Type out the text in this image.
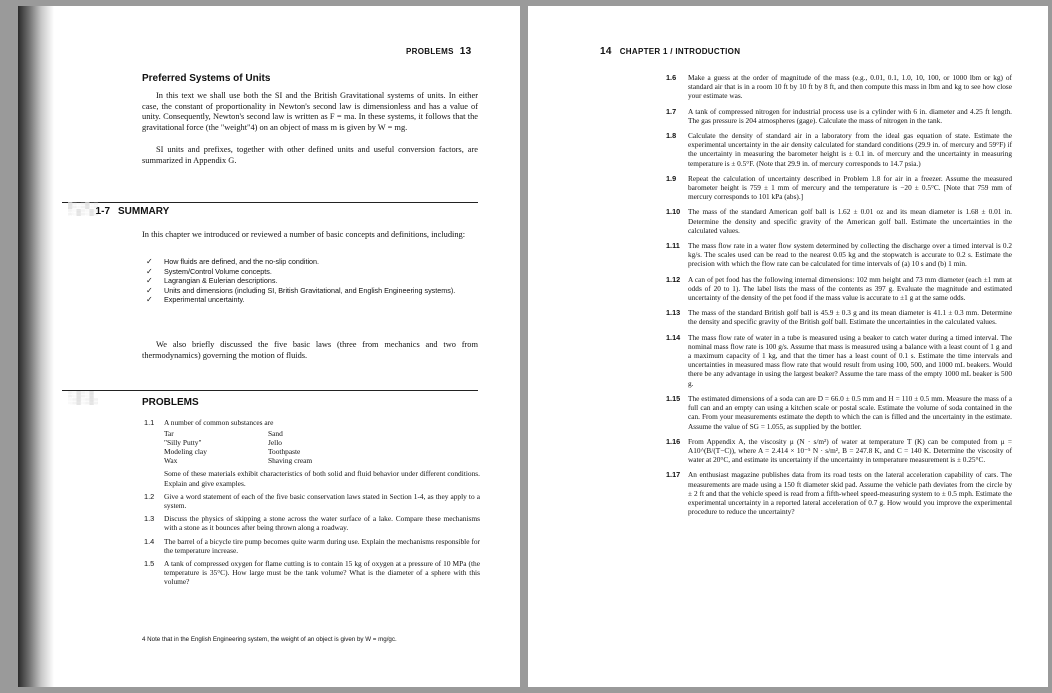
PROBLEMS 13
Preferred Systems of Units
In this text we shall use both the SI and the British Gravitational systems of units. In either case, the constant of proportionality in Newton's second law is dimensionless and has a value of unity. Consequently, Newton's second law is written as F = ma. In these systems, it follows that the gravitational force (the "weight"4) on an object of mass m is given by W = mg.
SI units and prefixes, together with other defined units and useful conversion factors, are summarized in Appendix G.
▓▒░▒▓░▒
▒░▓▒░▓▒
1-7 SUMMARY
In this chapter we introduced or reviewed a number of basic concepts and definitions, including:
✓	How fluids are defined, and the no-slip condition.
✓	System/Control Volume concepts.
✓	Lagrangian & Eulerian descriptions.
✓	Units and dimensions (including SI, British Gravitational, and English Engineering systems).
✓	Experimental uncertainty.
We also briefly discussed the five basic laws (three from mechanics and two from thermodynamics) governing the motion of fluids.
▒░▓▒░▓
░▒▓░▒▓▒	PROBLEMS
1.1	A number of common substances are
Tar	Sand
"Silly Putty"	Jello
Modeling clay	Toothpaste
Wax	Shaving cream
Some of these materials exhibit characteristics of both solid and fluid behavior under different conditions. Explain and give examples.
1.2	Give a word statement of each of the five basic conservation laws stated in Section 1-4, as they apply to a system.
1.3	Discuss the physics of skipping a stone across the water surface of a lake. Compare these mechanisms with a stone as it bounces after being thrown along a roadway.
1.4	The barrel of a bicycle tire pump becomes quite warm during use. Explain the mechanisms responsible for the temperature increase.
1.5	A tank of compressed oxygen for flame cutting is to contain 15 kg of oxygen at a pressure of 10 MPa (the temperature is 35°C). How large must be the tank volume? What is the diameter of a sphere with this volume?
4 Note that in the English Engineering system, the weight of an object is given by W = mg/gc.
14 CHAPTER 1 / INTRODUCTION
1.6	Make a guess at the order of magnitude of the mass (e.g., 0.01, 0.1, 1.0, 10, 100, or 1000 lbm or kg) of standard air that is in a room 10 ft by 10 ft by 8 ft, and then compute this mass in lbm and kg to see how close your estimate was.
1.7	A tank of compressed nitrogen for industrial process use is a cylinder with 6 in. diameter and 4.25 ft length. The gas pressure is 204 atmospheres (gage). Calculate the mass of nitrogen in the tank.
1.8	Calculate the density of standard air in a laboratory from the ideal gas equation of state. Estimate the experimental uncertainty in the air density calculated for standard conditions (29.9 in. of mercury and 59°F) if the uncertainty in measuring the barometer height is ± 0.1 in. of mercury and the uncertainty in measuring temperature is ± 0.5°F. (Note that 29.9 in. of mercury corresponds to 14.7 psia.)
1.9	Repeat the calculation of uncertainty described in Problem 1.8 for air in a freezer. Assume the measured barometer height is 759 ± 1 mm of mercury and the temperature is −20 ± 0.5°C. [Note that 759 mm of mercury corresponds to 101 kPa (abs).]
1.10	The mass of the standard American golf ball is 1.62 ± 0.01 oz and its mean diameter is 1.68 ± 0.01 in. Determine the density and specific gravity of the American golf ball. Estimate the uncertainties in the calculated values.
1.11	The mass flow rate in a water flow system determined by collecting the discharge over a timed interval is 0.2 kg/s. The scales used can be read to the nearest 0.05 kg and the stopwatch is accurate to 0.2 s. Estimate the precision with which the flow rate can be calculated for time intervals of (a) 10 s and (b) 1 min.
1.12	A can of pet food has the following internal dimensions: 102 mm height and 73 mm diameter (each ±1 mm at odds of 20 to 1). The label lists the mass of the contents as 397 g. Evaluate the magnitude and estimated uncertainty of the density of the pet food if the mass value is accurate to ±1 g at the same odds.
1.13	The mass of the standard British golf ball is 45.9 ± 0.3 g and its mean diameter is 41.1 ± 0.3 mm. Determine the density and specific gravity of the British golf ball. Estimate the uncertainties in the calculated values.
1.14	The mass flow rate of water in a tube is measured using a beaker to catch water during a timed interval. The nominal mass flow rate is 100 g/s. Assume that mass is measured using a balance with a least count of 1 g and a maximum capacity of 1 kg, and that the timer has a least count of 0.1 s. Estimate the time intervals and uncertainties in measured mass flow rate that would result from using 100, 500, and 1000 mL beakers. Would there be any advantage in using the largest beaker? Assume the tare mass of the empty 1000 mL beaker is 500 g.
1.15	The estimated dimensions of a soda can are D = 66.0 ± 0.5 mm and H = 110 ± 0.5 mm. Measure the mass of a full can and an empty can using a kitchen scale or postal scale. Estimate the volume of soda contained in the can. From your measurements estimate the depth to which the can is filled and the uncertainty in the estimate. Assume the value of SG = 1.055, as supplied by the bottler.
1.16	From Appendix A, the viscosity μ (N · s/m²) of water at temperature T (K) can be computed from μ = A10^(B/(T−C)), where A = 2.414 × 10⁻⁵ N · s/m², B = 247.8 K, and C = 140 K. Determine the viscosity of water at 20°C, and estimate its uncertainty if the uncertainty in temperature measurement is ± 0.25°C.
1.17	An enthusiast magazine publishes data from its road tests on the lateral acceleration capability of cars. The measurements are made using a 150 ft diameter skid pad. Assume the vehicle path deviates from the circle by ± 2 ft and that the vehicle speed is read from a fifth-wheel speed-measuring system to ± 0.5 mph. Estimate the experimental uncertainty in a reported lateral acceleration of 0.7 g. How would you improve the experimental procedure to reduce the uncertainty?
